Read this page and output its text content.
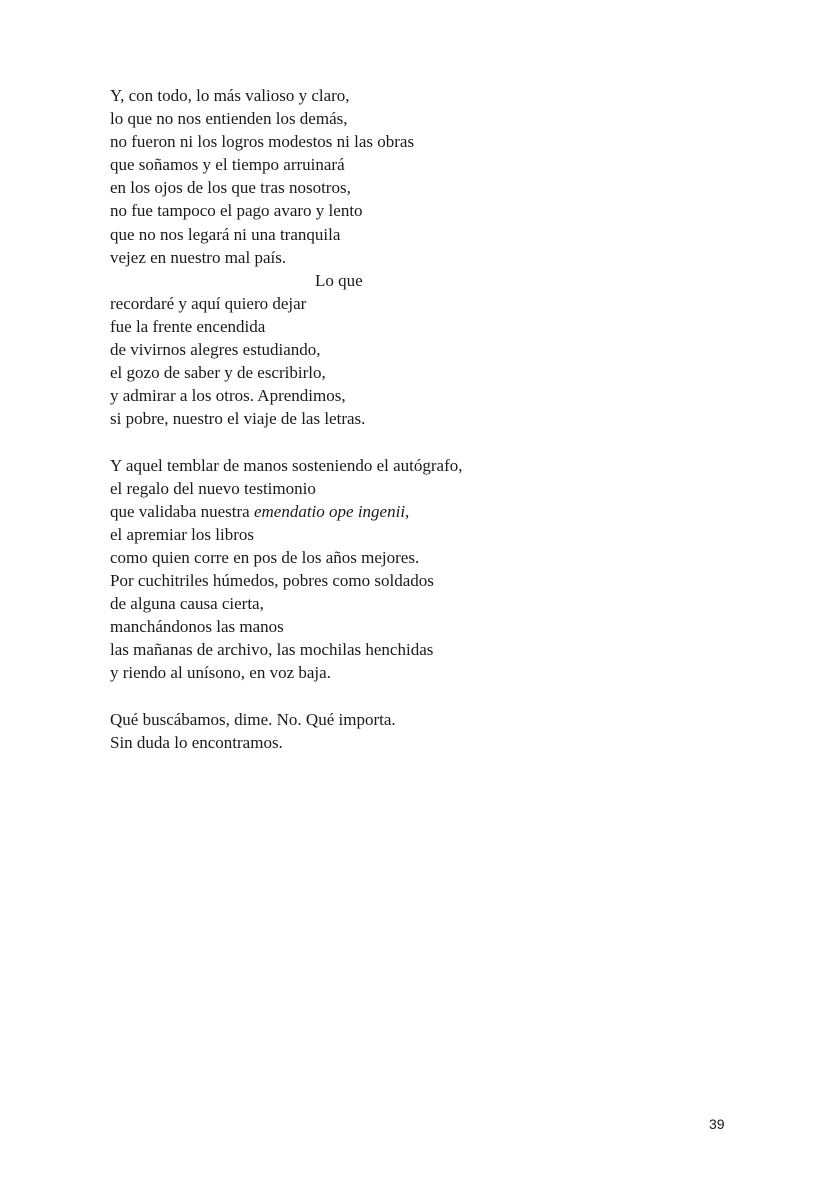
Y, con todo, lo más valioso y claro,
lo que no nos entienden los demás,
no fueron ni los logros modestos ni las obras
que soñamos y el tiempo arruinará
en los ojos de los que tras nosotros,
no fue tampoco el pago avaro y lento
que no nos legará ni una tranquila
vejez en nuestro mal país.
Lo que
recordaré y aquí quiero dejar
fue la frente encendida
de vivirnos alegres estudiando,
el gozo de saber y de escribirlo,
y admirar a los otros. Aprendimos,
si pobre, nuestro el viaje de las letras.
Y aquel temblar de manos sosteniendo el autógrafo,
el regalo del nuevo testimonio
que validaba nuestra emendatio ope ingenii,
el apremiar los libros
como quien corre en pos de los años mejores.
Por cuchitriles húmedos, pobres como soldados
de alguna causa cierta,
manchándonos las manos
las mañanas de archivo, las mochilas henchidas
y riendo al unísono, en voz baja.
Qué buscábamos, dime. No. Qué importa.
Sin duda lo encontramos.
39
